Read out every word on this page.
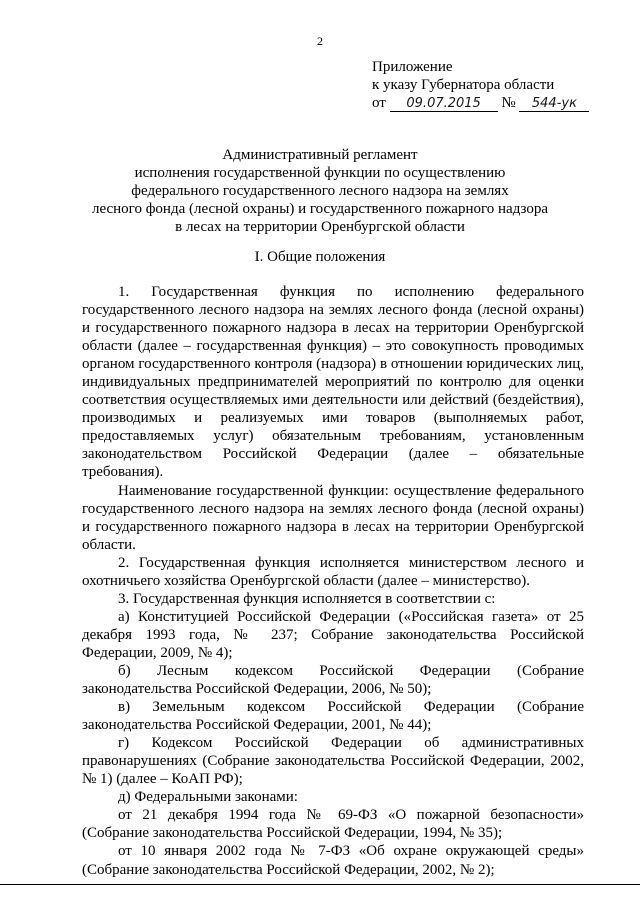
2
Приложение
к указу Губернатора области
от 09.07.2015 № 544-ук
Административный регламент
исполнения государственной функции по осуществлению
федерального государственного лесного надзора на землях
лесного фонда (лесной охраны) и государственного пожарного надзора
в лесах на территории Оренбургской области
I. Общие положения

1. Государственная функция по исполнению федерального государственного лесного надзора на землях лесного фонда (лесной охраны) и государственного пожарного надзора в лесах на территории Оренбургской области (далее – государственная функция) – это совокупность проводимых органом государственного контроля (надзора) в отношении юридических лиц, индивидуальных предпринимателей мероприятий по контролю для оценки соответствия осуществляемых ими деятельности или действий (бездействия), производимых и реализуемых ими товаров (выполняемых работ, предоставляемых услуг) обязательным требованиям, установленным законодательством Российской Федерации (далее – обязательные требования).

Наименование государственной функции: осуществление федерального государственного лесного надзора на землях лесного фонда (лесной охраны) и государственного пожарного надзора в лесах на территории Оренбургской области.

2. Государственная функция исполняется министерством лесного и охотничьего хозяйства Оренбургской области (далее – министерство).

3. Государственная функция исполняется в соответствии с:

а) Конституцией Российской Федерации («Российская газета» от 25 декабря 1993 года, № 237; Собрание законодательства Российской Федерации, 2009, № 4);

б) Лесным кодексом Российской Федерации (Собрание законодательства Российской Федерации, 2006, № 50);

в) Земельным кодексом Российской Федерации (Собрание законодательства Российской Федерации, 2001, № 44);

г) Кодексом Российской Федерации об административных правонарушениях (Собрание законодательства Российской Федерации, 2002, № 1) (далее – КоАП РФ);

д) Федеральными законами:

от 21 декабря 1994 года № 69-ФЗ «О пожарной безопасности» (Собрание законодательства Российской Федерации, 1994, № 35);

от 10 января 2002 года № 7-ФЗ «Об охране окружающей среды» (Собрание законодательства Российской Федерации, 2002, № 2);
